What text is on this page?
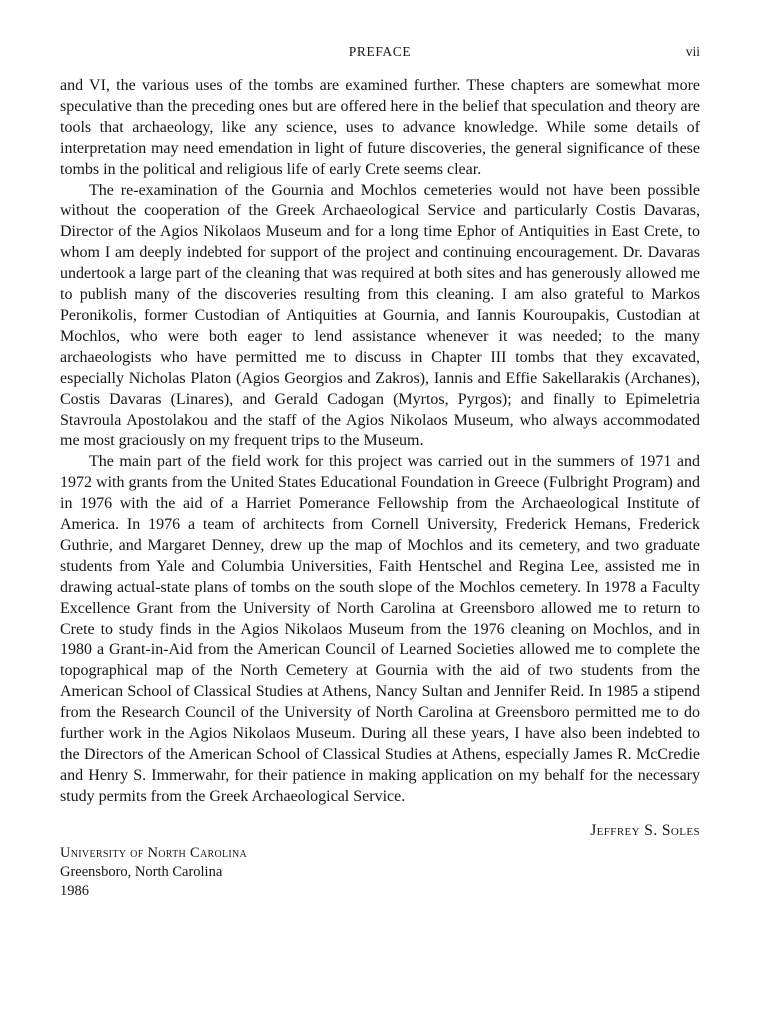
PREFACE	vii

and VI, the various uses of the tombs are examined further. These chapters are somewhat more speculative than the preceding ones but are offered here in the belief that speculation and theory are tools that archaeology, like any science, uses to advance knowledge. While some details of interpretation may need emendation in light of future discoveries, the general significance of these tombs in the political and religious life of early Crete seems clear.

The re-examination of the Gournia and Mochlos cemeteries would not have been possible without the cooperation of the Greek Archaeological Service and particularly Costis Davaras, Director of the Agios Nikolaos Museum and for a long time Ephor of Antiquities in East Crete, to whom I am deeply indebted for support of the project and continuing encouragement. Dr. Davaras undertook a large part of the cleaning that was required at both sites and has generously allowed me to publish many of the discoveries resulting from this cleaning. I am also grateful to Markos Peronikolis, former Custodian of Antiquities at Gournia, and Iannis Kouroupakis, Custodian at Mochlos, who were both eager to lend assistance whenever it was needed; to the many archaeologists who have permitted me to discuss in Chapter III tombs that they excavated, especially Nicholas Platon (Agios Georgios and Zakros), Iannis and Effie Sakellarakis (Archanes), Costis Davaras (Linares), and Gerald Cadogan (Myrtos, Pyrgos); and finally to Epimeletria Stavroula Apostolakou and the staff of the Agios Nikolaos Museum, who always accommodated me most graciously on my frequent trips to the Museum.

The main part of the field work for this project was carried out in the summers of 1971 and 1972 with grants from the United States Educational Foundation in Greece (Fulbright Program) and in 1976 with the aid of a Harriet Pomerance Fellowship from the Archaeological Institute of America. In 1976 a team of architects from Cornell University, Frederick Hemans, Frederick Guthrie, and Margaret Denney, drew up the map of Mochlos and its cemetery, and two graduate students from Yale and Columbia Universities, Faith Hentschel and Regina Lee, assisted me in drawing actual-state plans of tombs on the south slope of the Mochlos cemetery. In 1978 a Faculty Excellence Grant from the University of North Carolina at Greensboro allowed me to return to Crete to study finds in the Agios Nikolaos Museum from the 1976 cleaning on Mochlos, and in 1980 a Grant-in-Aid from the American Council of Learned Societies allowed me to complete the topographical map of the North Cemetery at Gournia with the aid of two students from the American School of Classical Studies at Athens, Nancy Sultan and Jennifer Reid. In 1985 a stipend from the Research Council of the University of North Carolina at Greensboro permitted me to do further work in the Agios Nikolaos Museum. During all these years, I have also been indebted to the Directors of the American School of Classical Studies at Athens, especially James R. McCredie and Henry S. Immerwahr, for their patience in making application on my behalf for the necessary study permits from the Greek Archaeological Service.

Jeffrey S. Soles
University of North Carolina
Greensboro, North Carolina
1986
